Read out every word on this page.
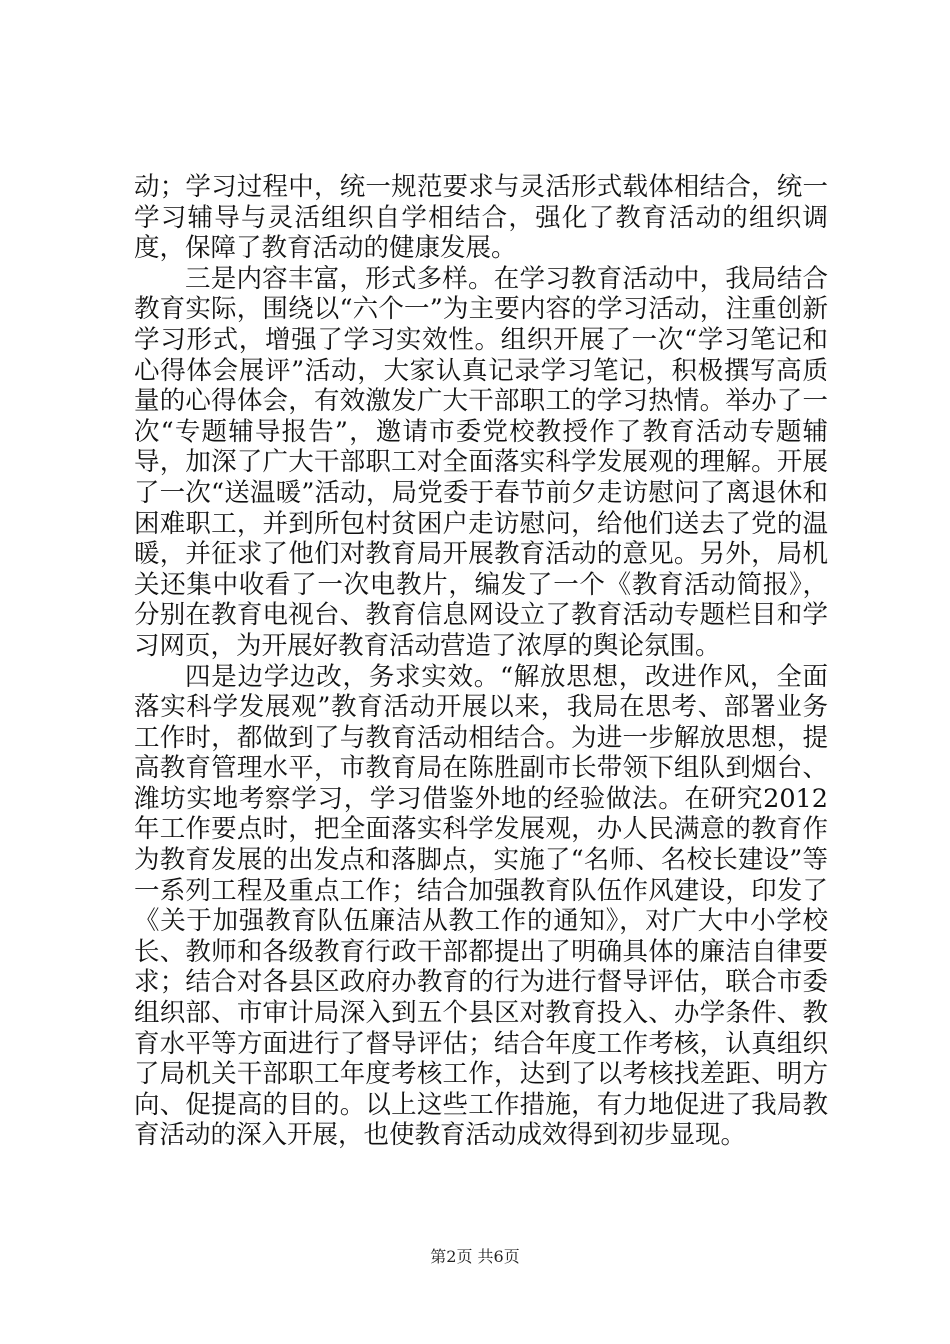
动；学习过程中，统一规范要求与灵活形式载体相结合，统一学习辅导与灵活组织自学相结合，强化了教育活动的组织调度，保障了教育活动的健康发展。

三是内容丰富，形式多样。在学习教育活动中，我局结合教育实际，围绕以“六个一”为主要内容的学习活动，注重创新学习形式，增强了学习实效性。组织开展了一次“学习笔记和心得体会展评”活动，大家认真记录学习笔记，积极撰写高质量的心得体会，有效激发广大干部职工的学习热情。举办了一次“专题辅导报告”，邀请市委党校教授作了教育活动专题辅导，加深了广大干部职工对全面落实科学发展观的理解。开展了一次“送温暖”活动，局党委于春节前夕走访慰问了离退休和困难职工，并到所包村贫困户走访慰问，给他们送去了党的温暖，并征求了他们对教育局开展教育活动的意见。另外，局机关还集中收看了一次电教片，编发了一个《教育活动简报》，分别在教育电视台、教育信息网设立了教育活动专题栏目和学习网页，为开展好教育活动营造了浓厚的舆论氛围。

四是边学边改，务求实效。“解放思想，改进作风，全面落实科学发展观”教育活动开展以来，我局在思考、部署业务工作时，都做到了与教育活动相结合。为进一步解放思想，提高教育管理水平，市教育局在陈胜副市长带领下组队到烟台、潍坊实地考察学习，学习借鉴外地的经验做法。在研究2012年工作要点时，把全面落实科学发展观，办人民满意的教育作为教育发展的出发点和落脚点，实施了“名师、名校长建设”等一系列工程及重点工作；结合加强教育队伍作风建设，印发了《关于加强教育队伍廉洁从教工作的通知》，对广大中小学校长、教师和各级教育行政干部都提出了明确具体的廉洁自律要求；结合对各县区政府办教育的行为进行督导评估，联合市委组织部、市审计局深入到五个县区对教育投入、办学条件、教育水平等方面进行了督导评估；结合年度工作考核，认真组织了局机关干部职工年度考核工作，达到了以考核找差距、明方向、促提高的目的。以上这些工作措施，有力地促进了我局教育活动的深入开展，也使教育活动成效得到初步显现。

第2页 共6页
